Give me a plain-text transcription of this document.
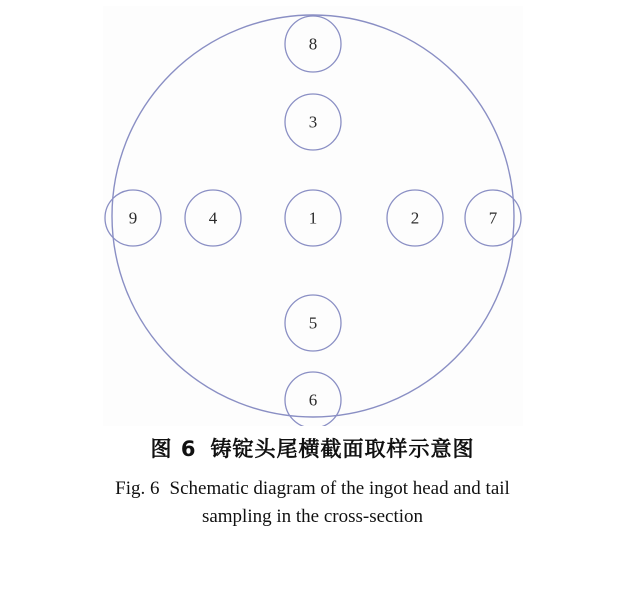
8
3
9	4	1	2	7
5
6

图 6 铸锭头尾横截面取样示意图

Fig. 6 Schematic diagram of the ingot head and tail
sampling in the cross-section
